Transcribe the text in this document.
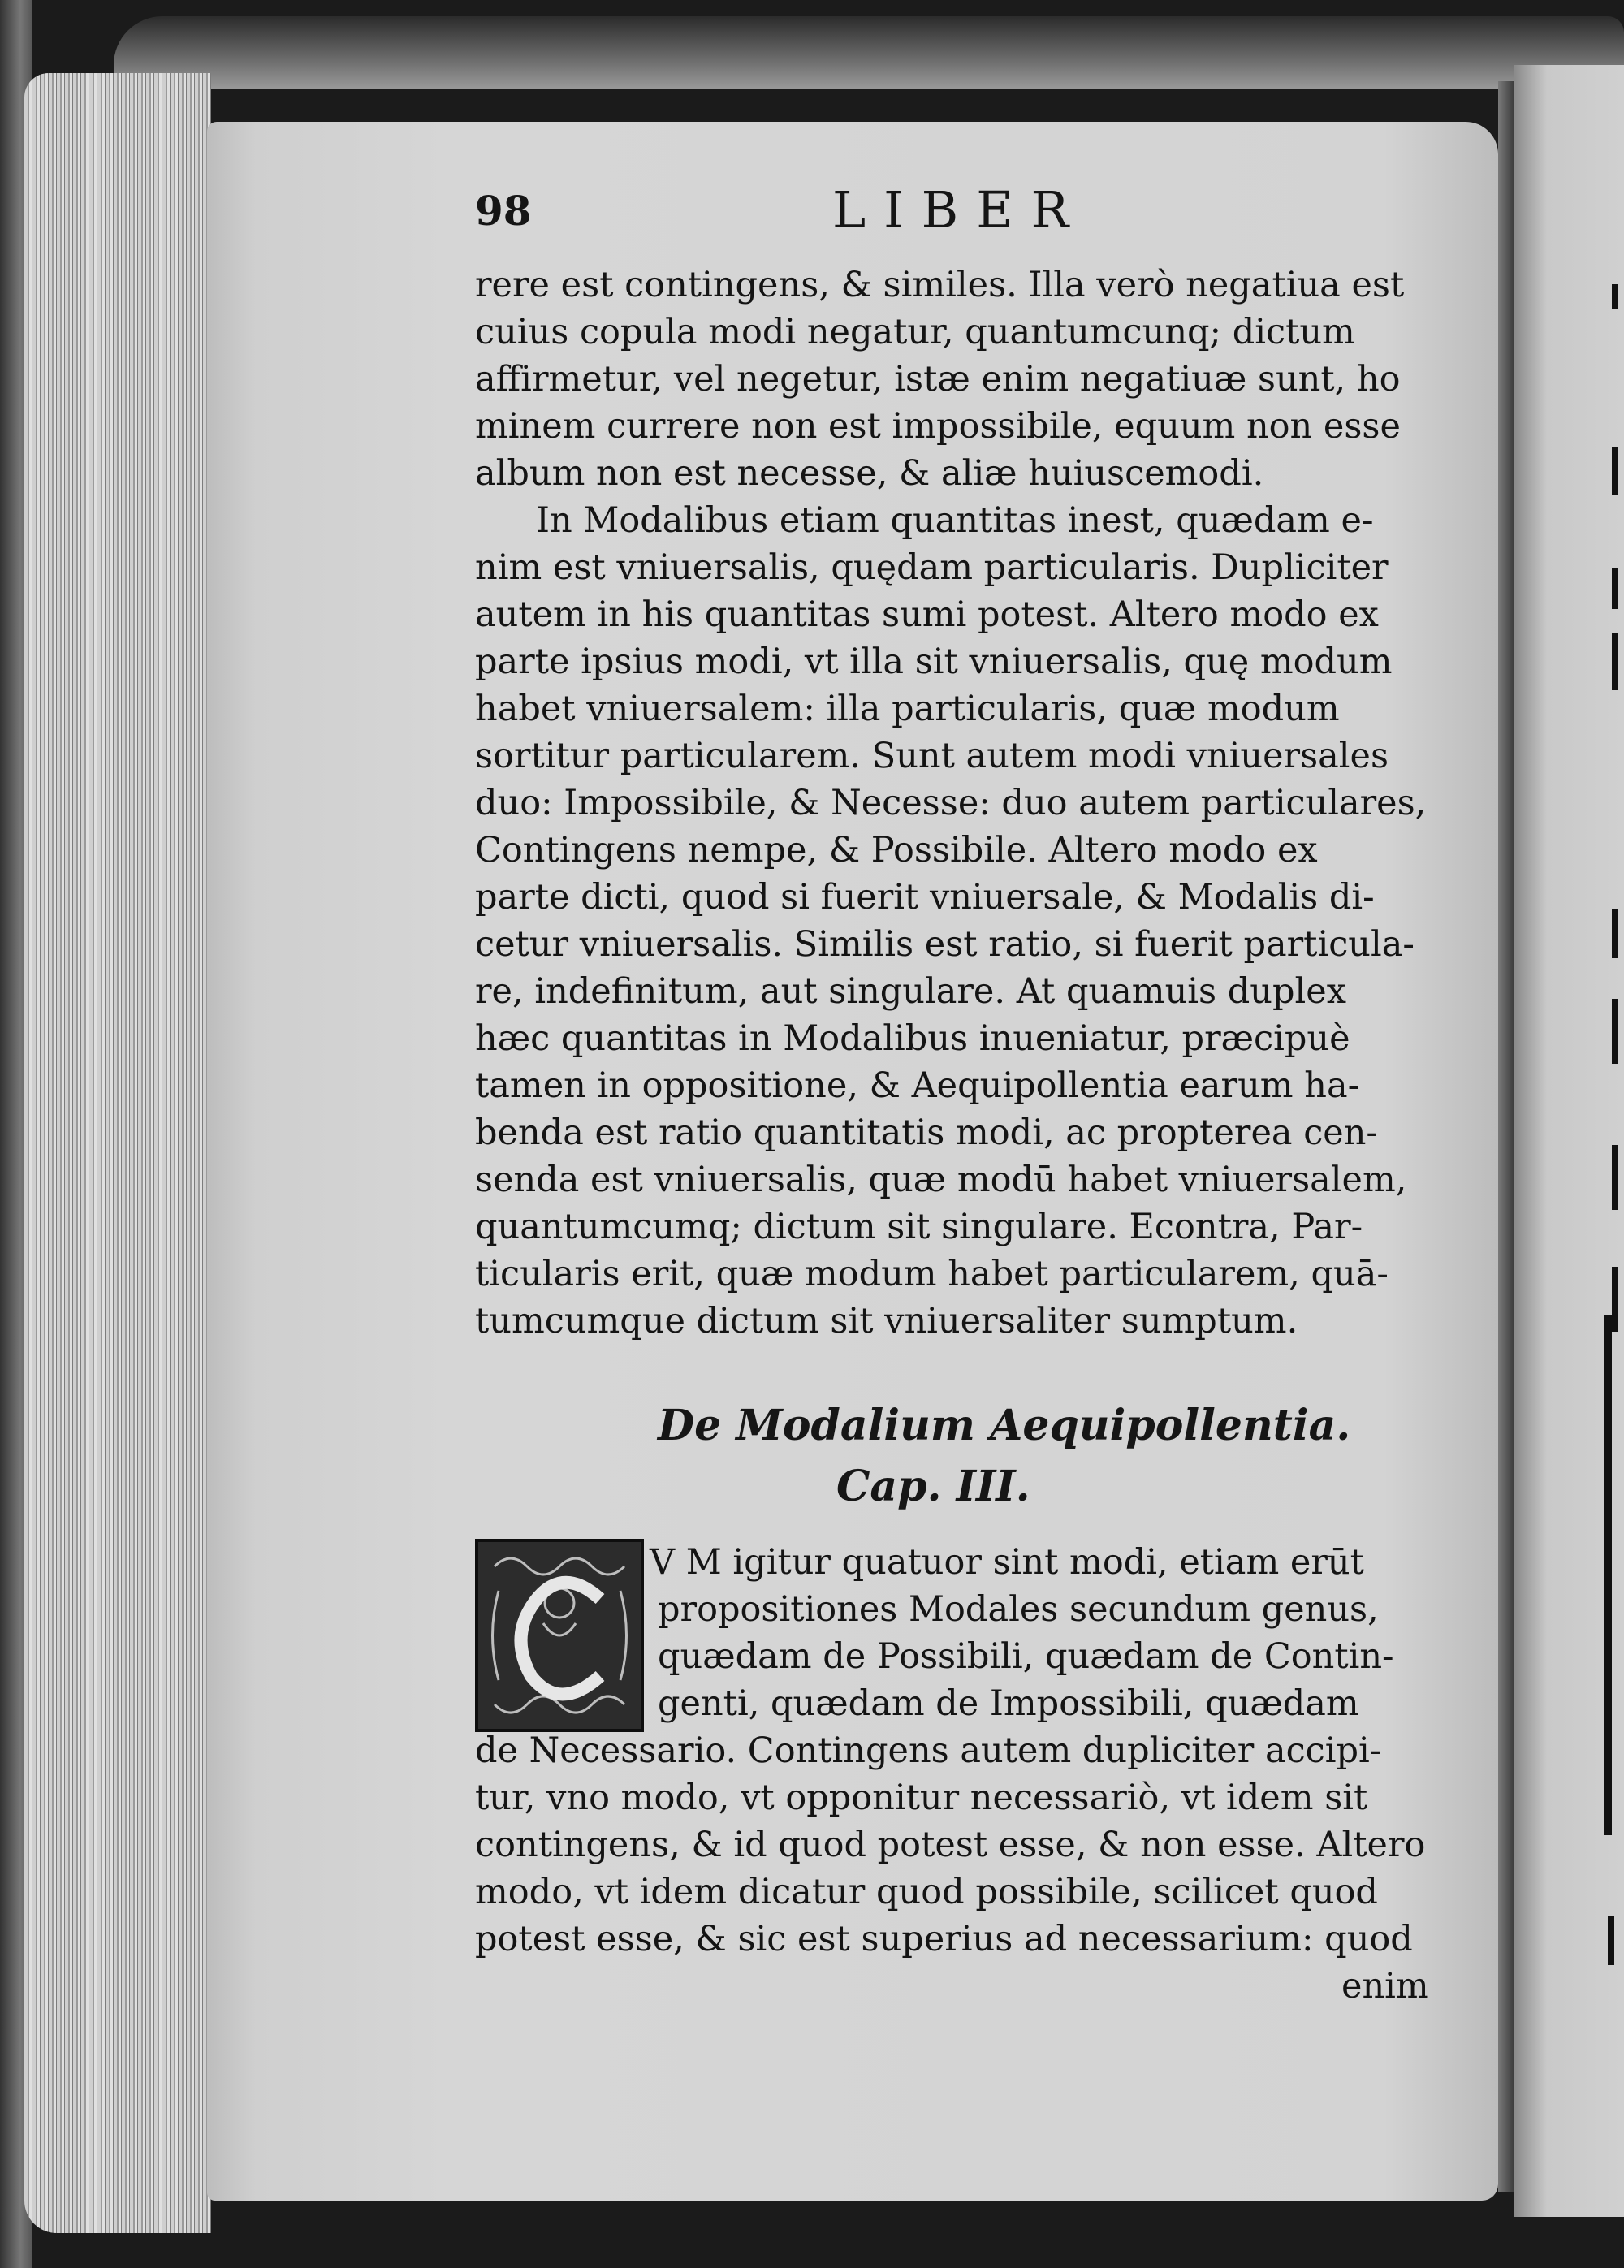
98	LIBER
rere est contingens, & similes. Illa verò negatiua est
cuius copula modi negatur, quantumcunq; dictum
affirmetur, vel negetur, istæ enim negatiuæ sunt, ho
minem currere non est impossibile, equum non esse
album non est necesse, & aliæ huiuscemodi.
In Modalibus etiam quantitas inest, quædam e-
nim est vniuersalis, quędam particularis. Dupliciter
autem in his quantitas sumi potest. Altero modo ex
parte ipsius modi, vt illa sit vniuersalis, quę modum
habet vniuersalem: illa particularis, quæ modum
sortitur particularem. Sunt autem modi vniuersales
duo: Impossibile, & Necesse: duo autem particulares,
Contingens nempe, & Possibile. Altero modo ex
parte dicti, quod si fuerit vniuersale, & Modalis di-
cetur vniuersalis. Similis est ratio, si fuerit particula-
re, indefinitum, aut singulare. At quamuis duplex
hæc quantitas in Modalibus inueniatur, præcipuè
tamen in oppositione, & Aequipollentia earum ha-
benda est ratio quantitatis modi, ac propterea cen-
senda est vniuersalis, quæ modū habet vniuersalem,
quantumcumq; dictum sit singulare. Econtra, Par-
ticularis erit, quæ modum habet particularem, quā-
tumcumque dictum sit vniuersaliter sumptum.
De Modalium Aequipollentia.
Cap. III.
V M igitur quatuor sint modi, etiam erūt
propositiones Modales secundum genus,
quædam de Possibili, quædam de Contin-
genti, quædam de Impossibili, quædam
de Necessario. Contingens autem dupliciter accipi-
tur, vno modo, vt opponitur necessariò, vt idem sit
contingens, & id quod potest esse, & non esse. Altero
modo, vt idem dicatur quod possibile, scilicet quod
potest esse, & sic est superius ad necessarium: quod
enim
